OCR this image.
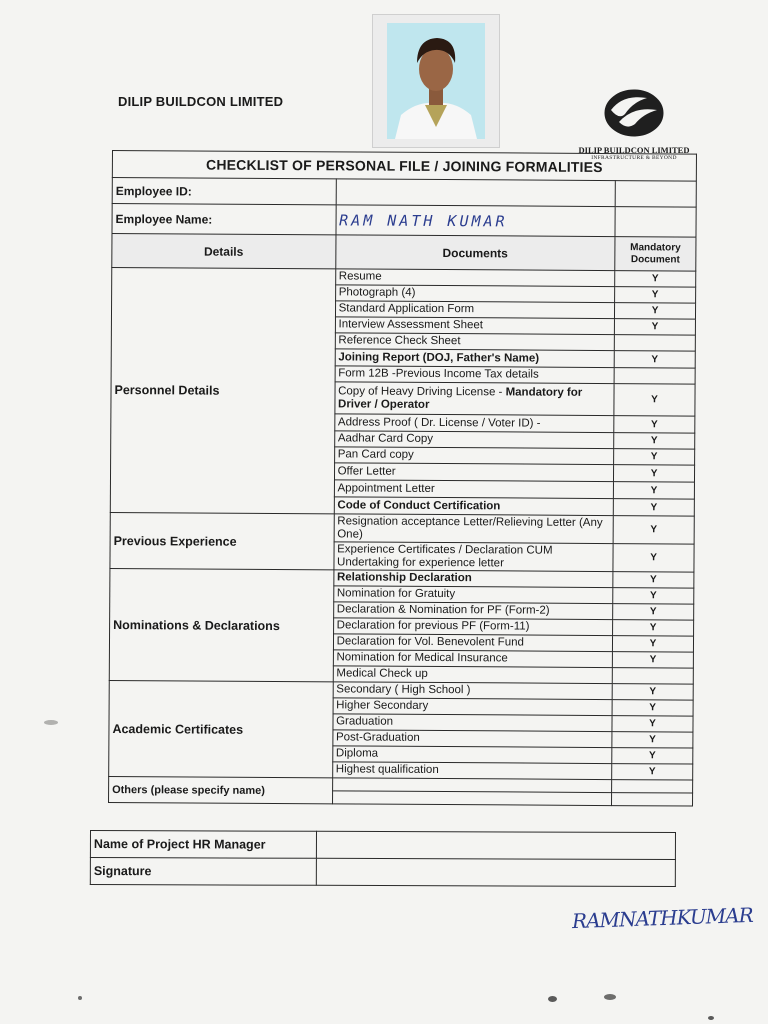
DILIP BUILDCON LIMITED
DILIP BUILDCON LIMITED
INFRASTRUCTURE & BEYOND
CHECKLIST OF PERSONAL FILE / JOINING FORMALITIES		
Employee ID:		
Employee Name:	RAM NATH KUMAR	
Details	Documents	Mandatory Document
Personnel Details	Resume	Y
	Photograph (4)	Y
	Standard Application Form	Y
	Interview Assessment Sheet	Y
	Reference Check Sheet	
	Joining Report (DOJ, Father's Name)	Y
	Form 12B -Previous Income Tax details	
	Copy of Heavy Driving License - Mandatory for Driver / Operator	Y
	Address Proof ( Dr. License / Voter ID) -	Y
	Aadhar Card Copy	Y
	Pan Card copy	Y
	Offer Letter	Y
	Appointment Letter	Y
	Code of Conduct Certification	Y
Previous Experience	Resignation acceptance Letter/Relieving Letter (Any One)	Y
	Experience Certificates / Declaration CUM Undertaking for experience letter	Y
Nominations & Declarations	Relationship Declaration	Y
	Nomination for Gratuity	Y
	Declaration & Nomination for PF (Form-2)	Y
	Declaration for previous PF (Form-11)	Y
	Declaration for Vol. Benevolent Fund	Y
	Nomination for Medical Insurance	Y
	Medical Check up	
Academic Certificates	Secondary ( High School )	Y
	Higher Secondary	Y
	Graduation	Y
	Post-Graduation	Y
	Diploma	Y
	Highest qualification	Y
Others (please specify name)		

Name of Project HR Manager	
Signature	
RAMNATHKUMAR
